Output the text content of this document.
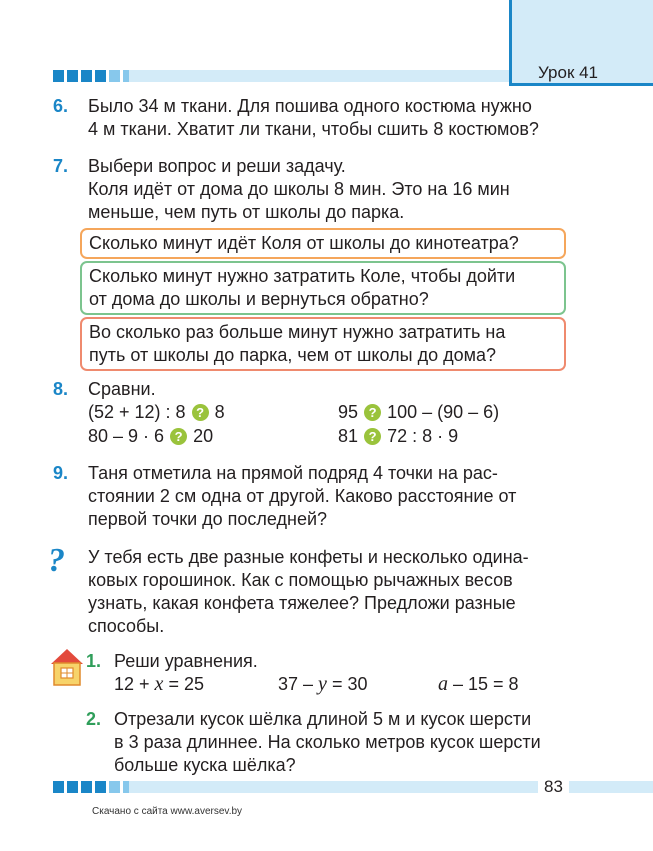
Урок 41
6. Было 34 м ткани. Для пошива одного костюма нужно
4 м ткани. Хватит ли ткани, чтобы сшить 8 костюмов?
7. Выбери вопрос и реши задачу.
Коля идёт от дома до школы 8 мин. Это на 16 мин
меньше, чем путь от школы до парка.
Сколько минут идёт Коля от школы до кинотеатра?
Сколько минут нужно затратить Коле, чтобы дойти
от дома до школы и вернуться обратно?
Во сколько раз больше минут нужно затратить на
путь от школы до парка, чем от школы до дома?
8. Сравни.
(52 + 12) : 8 ? 8	95 ? 100 – (90 – 6)
80 – 9 · 6 ? 20	81 ? 72 : 8 · 9
9. Таня отметила на прямой подряд 4 точки на рас-
стоянии 2 см одна от другой. Каково расстояние от
первой точки до последней?
? У тебя есть две разные конфеты и несколько одина-
ковых горошинок. Как с помощью рычажных весов
узнать, какая конфета тяжелее? Предложи разные
способы.
1. Реши уравнения.
12 + x = 25	37 – y = 30	a – 15 = 8
2. Отрезали кусок шёлка длиной 5 м и кусок шерсти
в 3 раза длиннее. На сколько метров кусок шерсти
больше куска шёлка?
83
Скачано с сайта www.aversev.by
